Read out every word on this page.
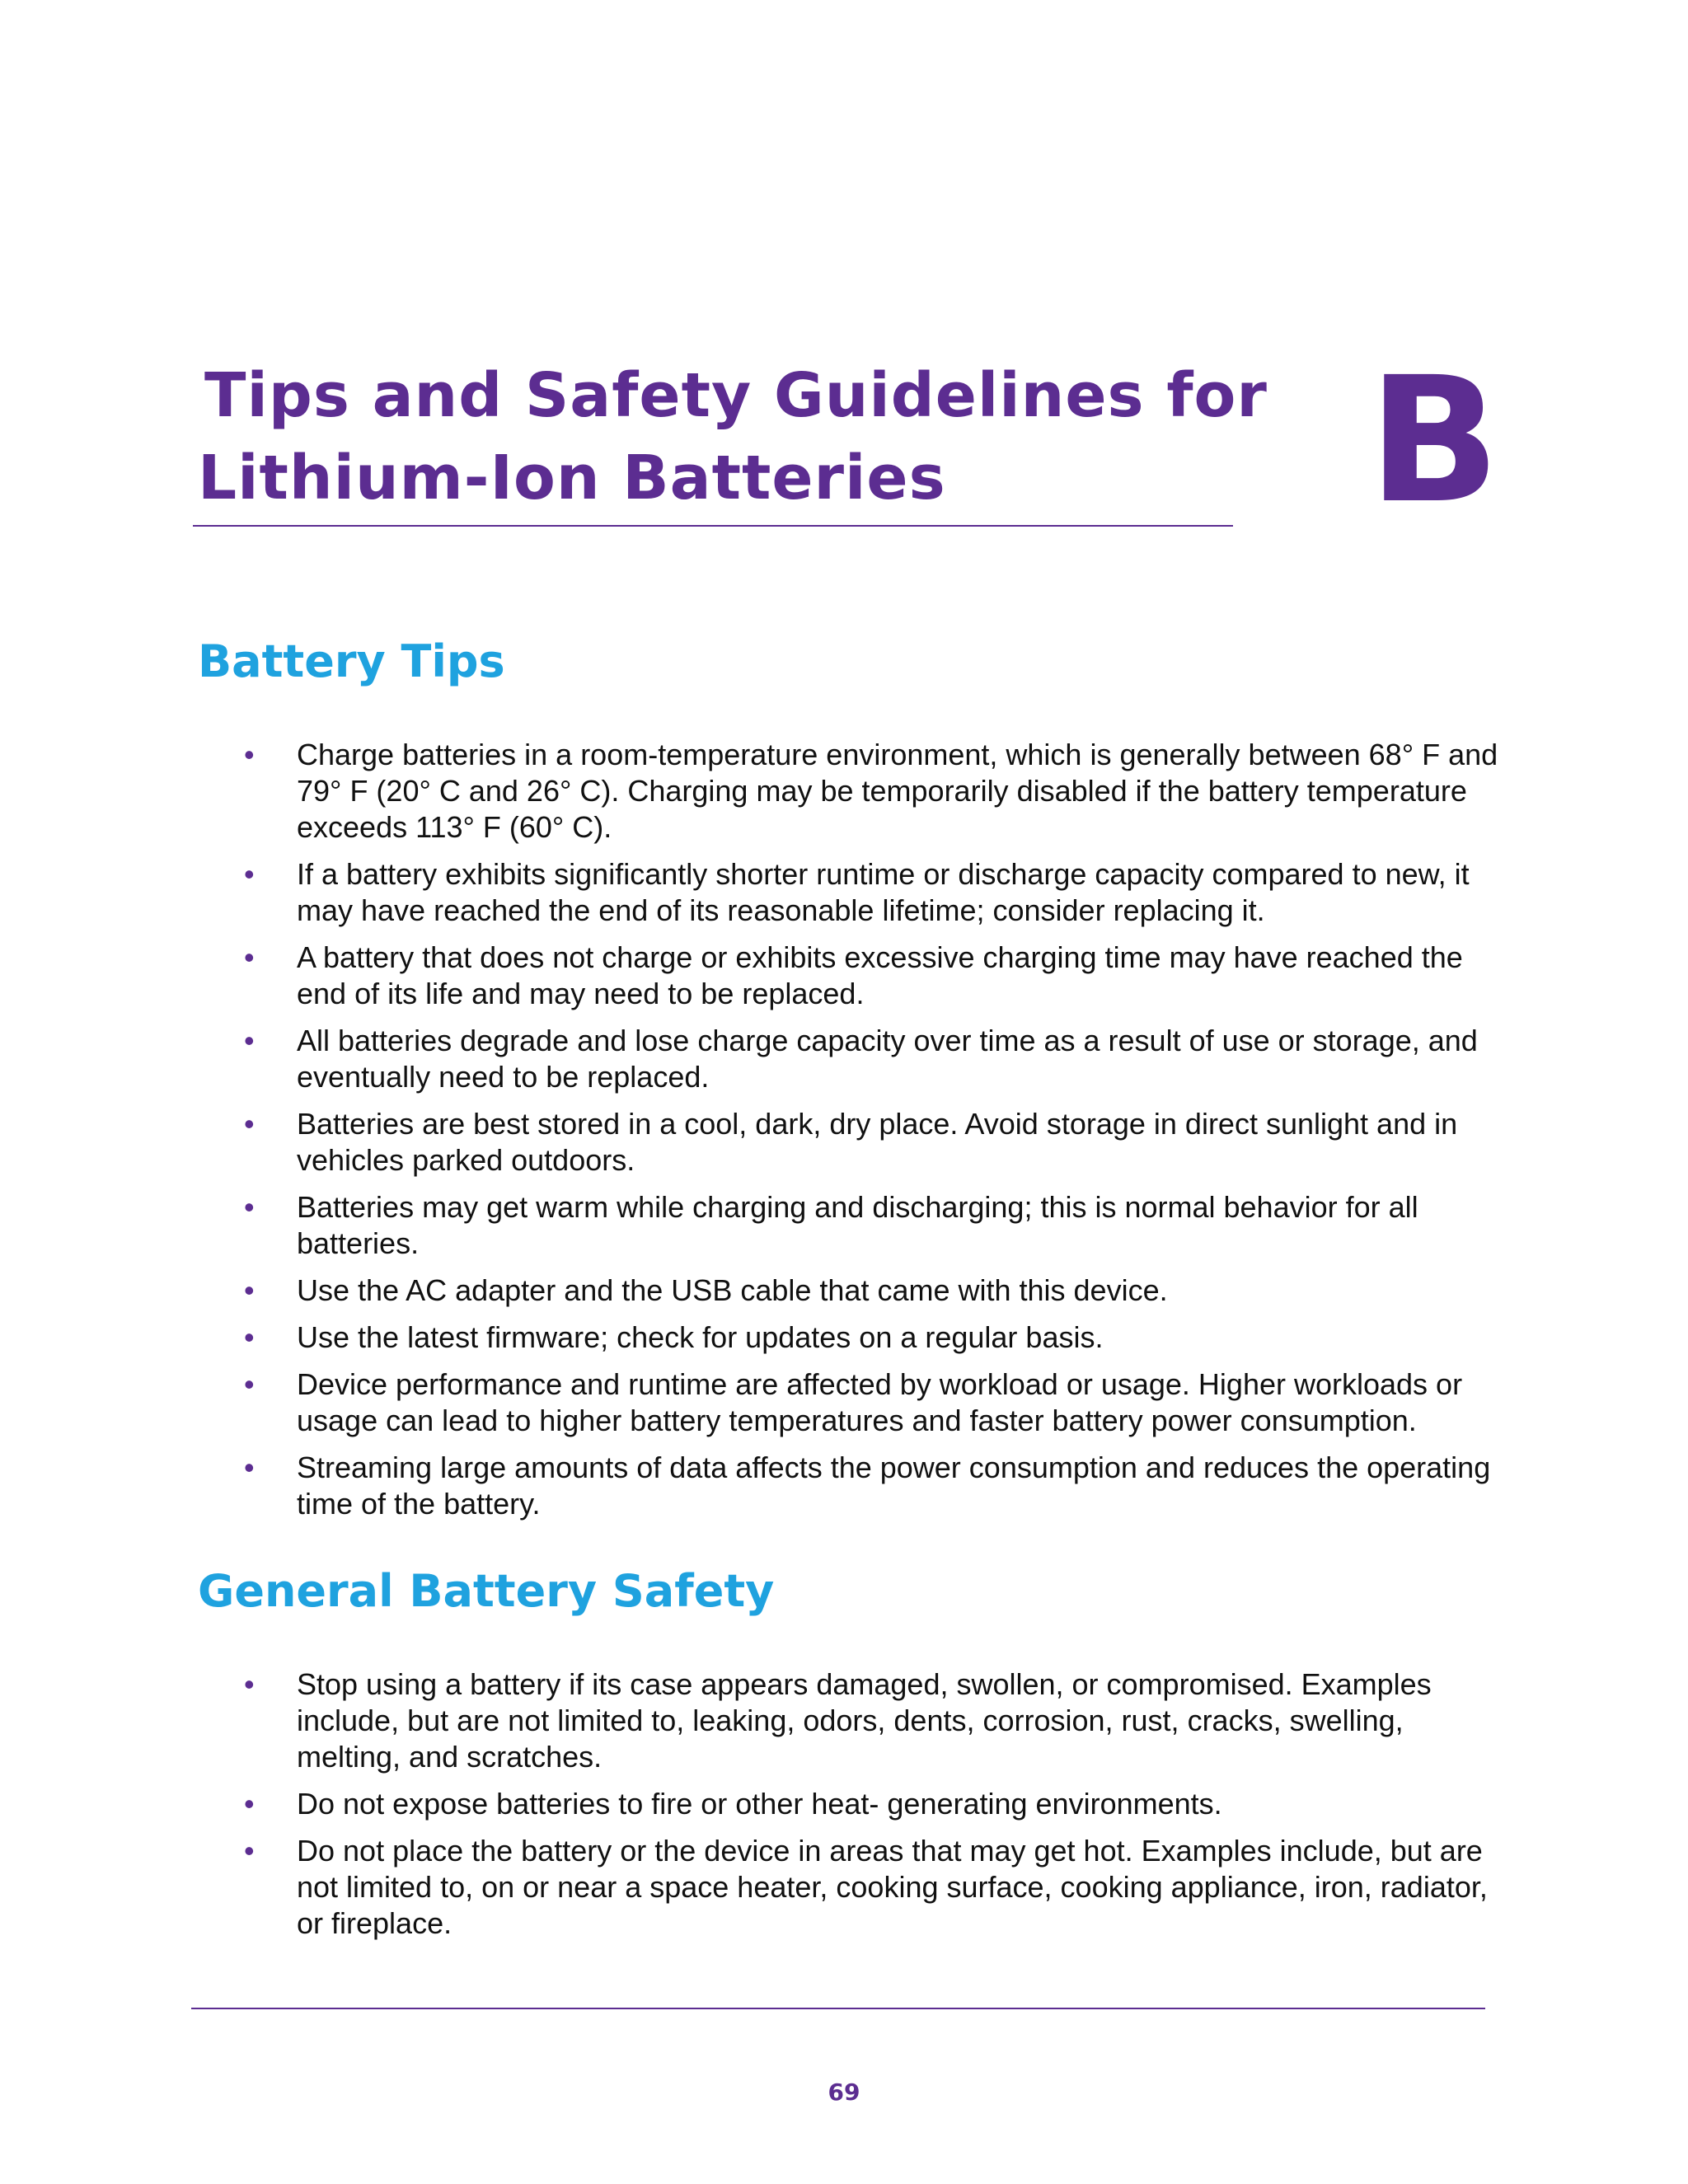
Tips and Safety Guidelines for
Lithium-Ion Batteries	B
Battery Tips
• Charge batteries in a room-temperature environment, which is generally between 68° F and 79° F (20° C and 26° C). Charging may be temporarily disabled if the battery temperature exceeds 113° F (60° C).
• If a battery exhibits significantly shorter runtime or discharge capacity compared to new, it may have reached the end of its reasonable lifetime; consider replacing it.
• A battery that does not charge or exhibits excessive charging time may have reached the end of its life and may need to be replaced.
• All batteries degrade and lose charge capacity over time as a result of use or storage, and eventually need to be replaced.
• Batteries are best stored in a cool, dark, dry place. Avoid storage in direct sunlight and in vehicles parked outdoors.
• Batteries may get warm while charging and discharging; this is normal behavior for all batteries.
• Use the AC adapter and the USB cable that came with this device.
• Use the latest firmware; check for updates on a regular basis.
• Device performance and runtime are affected by workload or usage. Higher workloads or usage can lead to higher battery temperatures and faster battery power consumption.
• Streaming large amounts of data affects the power consumption and reduces the operating time of the battery.
General Battery Safety
• Stop using a battery if its case appears damaged, swollen, or compromised. Examples include, but are not limited to, leaking, odors, dents, corrosion, rust, cracks, swelling, melting, and scratches.
• Do not expose batteries to fire or other heat- generating environments.
• Do not place the battery or the device in areas that may get hot. Examples include, but are not limited to, on or near a space heater, cooking surface, cooking appliance, iron, radiator, or fireplace.
69
